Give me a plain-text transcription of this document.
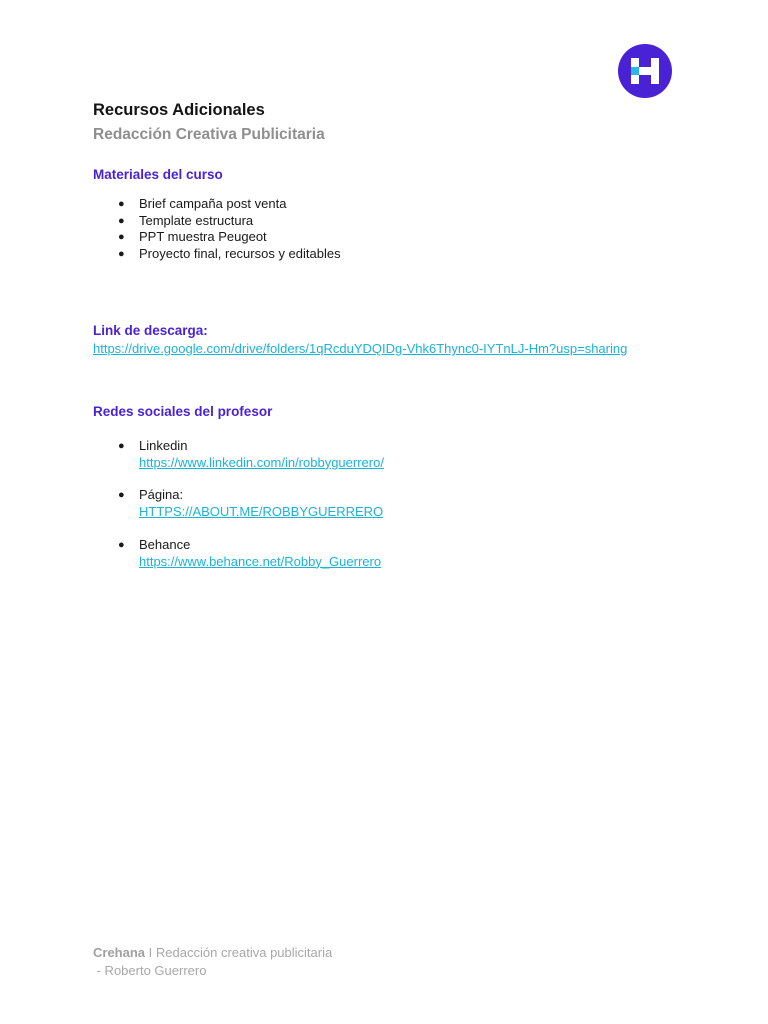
Recursos Adicionales
Redacción Creativa Publicitaria
Materiales del curso
● Brief campaña post venta
● Template estructura
● PPT muestra Peugeot
● Proyecto final, recursos y editables
Link de descarga:
https://drive.google.com/drive/folders/1qRcduYDQIDg-Vhk6Thync0-IYTnLJ-Hm?usp=sharing
Redes sociales del profesor
● Linkedin
https://www.linkedin.com/in/robbyguerrero/
● Página:
HTTPS://ABOUT.ME/ROBBYGUERRERO
● Behance
https://www.behance.net/Robby_Guerrero
Crehana I Redacción creativa publicitaria
- Roberto Guerrero
